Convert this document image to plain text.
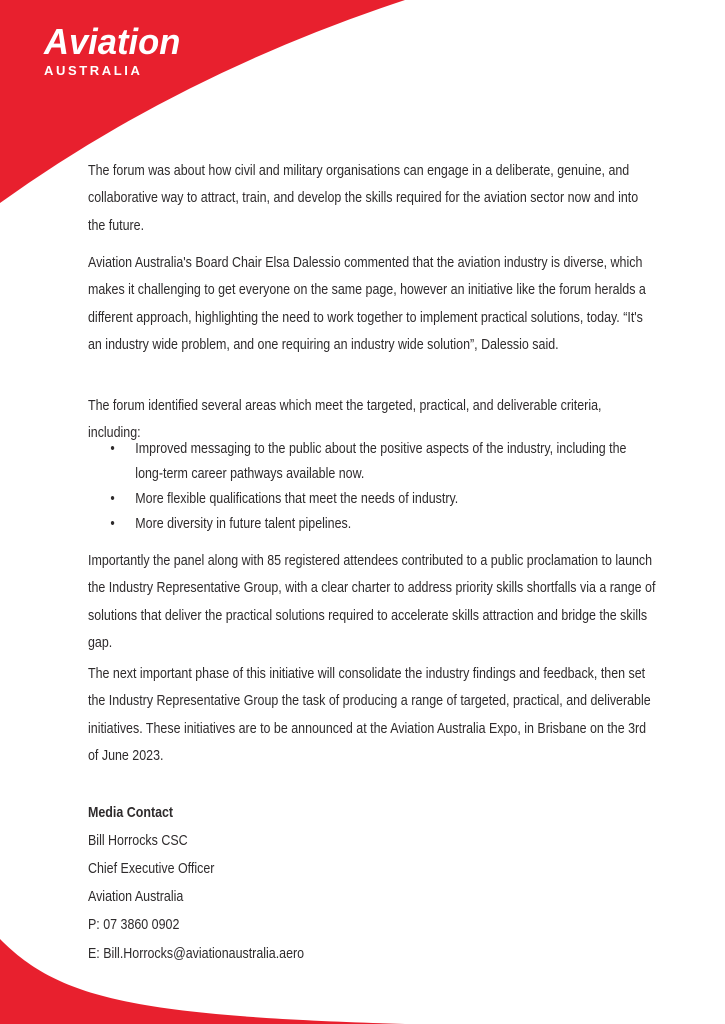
Aviation
AUSTRALIA
The forum was about how civil and military organisations can engage in a deliberate, genuine, and collaborative way to attract, train, and develop the skills required for the aviation sector now and into the future.
Aviation Australia's Board Chair Elsa Dalessio commented that the aviation industry is diverse, which makes it challenging to get everyone on the same page, however an initiative like the forum heralds a different approach, highlighting the need to work together to implement practical solutions, today. “It's an industry wide problem, and one requiring an industry wide solution”, Dalessio said.
The forum identified several areas which meet the targeted, practical, and deliverable criteria, including:
• Improved messaging to the public about the positive aspects of the industry, including the long-term career pathways available now.
• More flexible qualifications that meet the needs of industry.
• More diversity in future talent pipelines.
Importantly the panel along with 85 registered attendees contributed to a public proclamation to launch the Industry Representative Group, with a clear charter to address priority skills shortfalls via a range of solutions that deliver the practical solutions required to accelerate skills attraction and bridge the skills gap.
The next important phase of this initiative will consolidate the industry findings and feedback, then set the Industry Representative Group the task of producing a range of targeted, practical, and deliverable initiatives. These initiatives are to be announced at the Aviation Australia Expo, in Brisbane on the 3rd of June 2023.
Media Contact
Bill Horrocks CSC
Chief Executive Officer
Aviation Australia
P: 07 3860 0902
E: Bill.Horrocks@aviationaustralia.aero
